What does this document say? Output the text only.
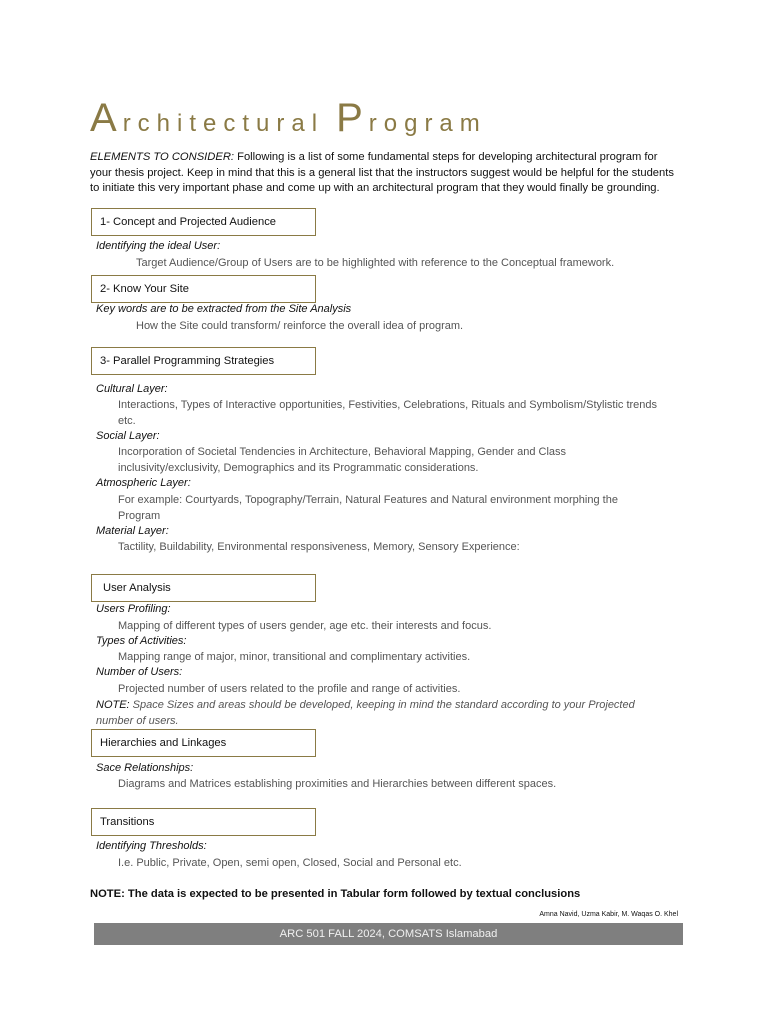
Architectural Program
ELEMENTS TO CONSIDER: Following is a list of some fundamental steps for developing architectural program for your thesis project. Keep in mind that this is a general list that the instructors suggest would be helpful for the students to initiate this very important phase and come up with an architectural program that they would finally be grounding.
1- Concept and Projected Audience
Identifying the ideal User:
Target Audience/Group of Users are to be highlighted with reference to the Conceptual framework.
2- Know Your Site
Key words are to be extracted from the Site Analysis
How the Site could transform/ reinforce the overall idea of program.
3- Parallel Programming Strategies
Cultural Layer:
Interactions, Types of Interactive opportunities, Festivities, Celebrations, Rituals and Symbolism/Stylistic trends etc.
Social Layer:
Incorporation of Societal Tendencies in Architecture, Behavioral Mapping, Gender and Class inclusivity/exclusivity, Demographics and its Programmatic considerations.
Atmospheric Layer:
For example: Courtyards, Topography/Terrain, Natural Features and Natural environment morphing the Program
Material Layer:
Tactility, Buildability, Environmental responsiveness, Memory, Sensory Experience:
User Analysis
Users Profiling:
Mapping of different types of users gender, age etc. their interests and focus.
Types of Activities:
Mapping range of major, minor, transitional and complimentary activities.
Number of Users:
Projected number of users related to the profile and range of activities.
NOTE: Space Sizes and areas should be developed, keeping in mind the standard according to your Projected number of users.
Hierarchies and Linkages
Sace Relationships:
Diagrams and Matrices establishing proximities and Hierarchies between different spaces.
Transitions
Identifying Thresholds:
I.e. Public, Private, Open, semi open, Closed, Social and Personal etc.
NOTE: The data is expected to be presented in Tabular form followed by textual conclusions
Amna Navid, Uzma Kabir, M. Waqas O. Khel
ARC 501 FALL 2024, COMSATS Islamabad
